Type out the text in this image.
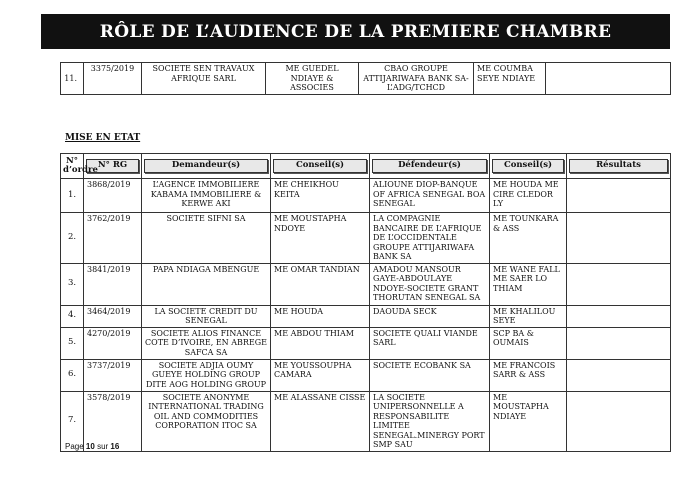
RÔLE DE L’AUDIENCE DE LA PREMIERE CHAMBRE
11.	3375/2019	SOCIETE SEN TRAVAUX AFRIQUE SARL	ME GUEDEL NDIAYE & ASSOCIES	CBAO GROUPE ATTIJARIWAFA BANK SA- L’ADG/TCHCD	ME COUMBA SEYE NDIAYE	
MISE EN ETAT
N° d’ordre	N° RG	Demandeur(s)	Conseil(s)	Défendeur(s)	Conseil(s)	Résultats

1.	3868/2019	L’AGENCE IMMOBILIERE KABAMA IMMOBILIERE & KERWE AKI	ME CHEIKHOU KEITA	ALIOUNE DIOP-BANQUE OF AFRICA SENEGAL BOA SENEGAL	ME HOUDA ME CIRE CLEDOR LY	
2.	3762/2019	SOCIETE SIFNI SA	ME MOUSTAPHA NDOYE	LA COMPAGNIE BANCAIRE DE L’AFRIQUE DE L’OCCIDENTALE GROUPE ATTIJARIWAFA BANK SA	ME TOUNKARA & ASS	
3.	3841/2019	PAPA NDIAGA MBENGUE	ME OMAR TANDIAN	AMADOU MANSOUR GAYE-ABDOULAYE NDOYE-SOCIETE GRANT THORUTAN SENEGAL SA	ME WANE FALL ME SAER LO THIAM	
4.	3464/2019	LA SOCIETE CREDIT DU SENEGAL	ME HOUDA	DAOUDA SECK	ME KHALILOU SEYE	
5.	4270/2019	SOCIETE ALIOS FINANCE COTE D’IVOIRE, EN ABREGE SAFCA SA	ME ABDOU THIAM	SOCIETE QUALI VIANDE SARL	SCP BA & OUMAIS	
6.	3737/2019	SOCIETE ADJIA OUMY GUEYE HOLDING GROUP DITE AOG HOLDING GROUP	ME YOUSSOUPHA CAMARA	SOCIETE ECOBANK SA	ME FRANCOIS SARR & ASS	
7.	3578/2019	SOCIETE ANONYME INTERNATIONAL TRADING OIL AND COMMODITIES CORPORATION ITOC SA	ME ALASSANE CISSE	LA SOCIETE UNIPERSONNELLE A RESPONSABILITE LIMITEE SENEGAL.MINERGY PORT SMP SAU	ME MOUSTAPHA NDIAYE	
Page 10 sur 16
